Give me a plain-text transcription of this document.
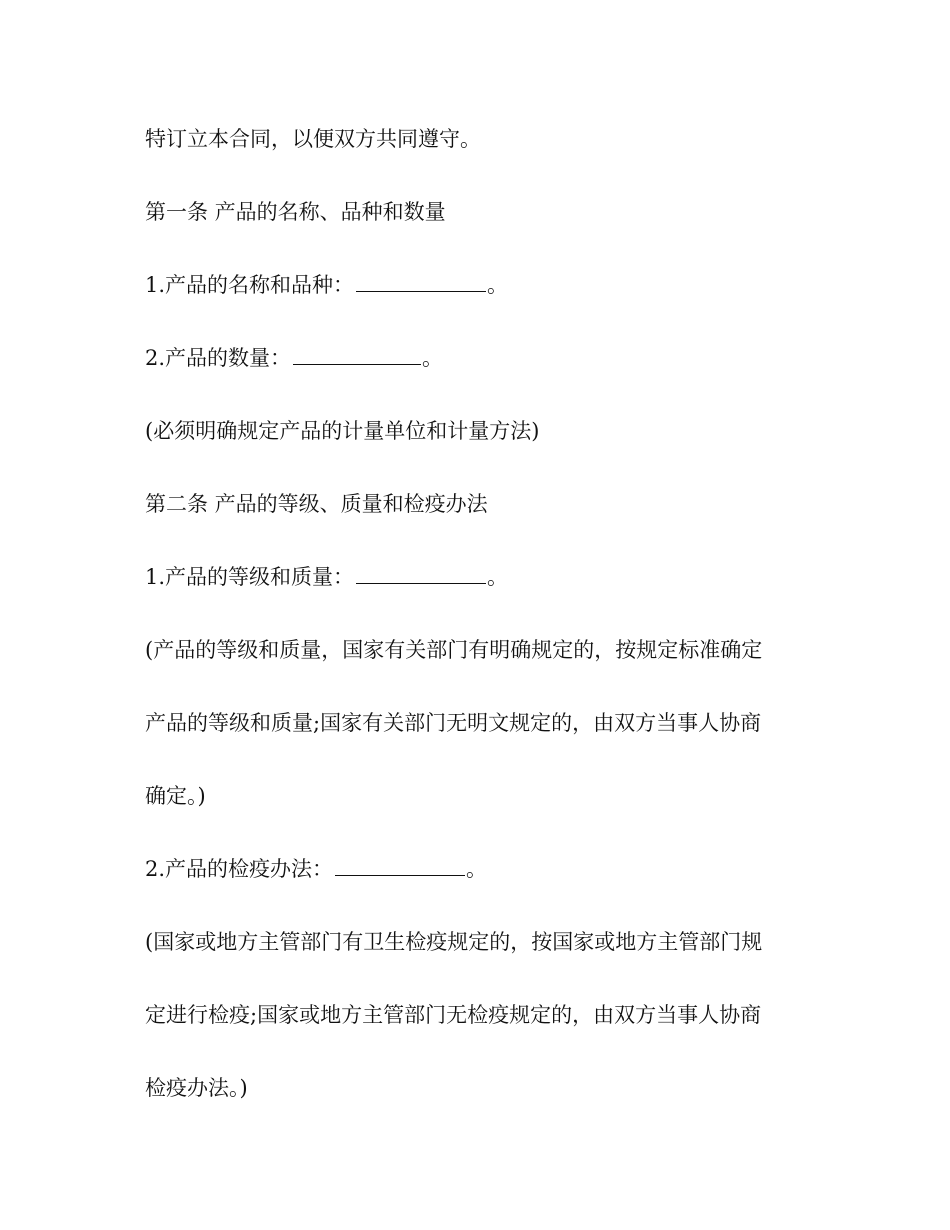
特订立本合同，以便双方共同遵守。
第一条 产品的名称、品种和数量
1.产品的名称和品种：	。
2.产品的数量：	。
(必须明确规定产品的计量单位和计量方法)
第二条 产品的等级、质量和检疫办法
1.产品的等级和质量：	。
(产品的等级和质量，国家有关部门有明确规定的，按规定标准确定
产品的等级和质量;国家有关部门无明文规定的，由双方当事人协商
确定。)
2.产品的检疫办法：	。
(国家或地方主管部门有卫生检疫规定的，按国家或地方主管部门规
定进行检疫;国家或地方主管部门无检疫规定的，由双方当事人协商
检疫办法。)
